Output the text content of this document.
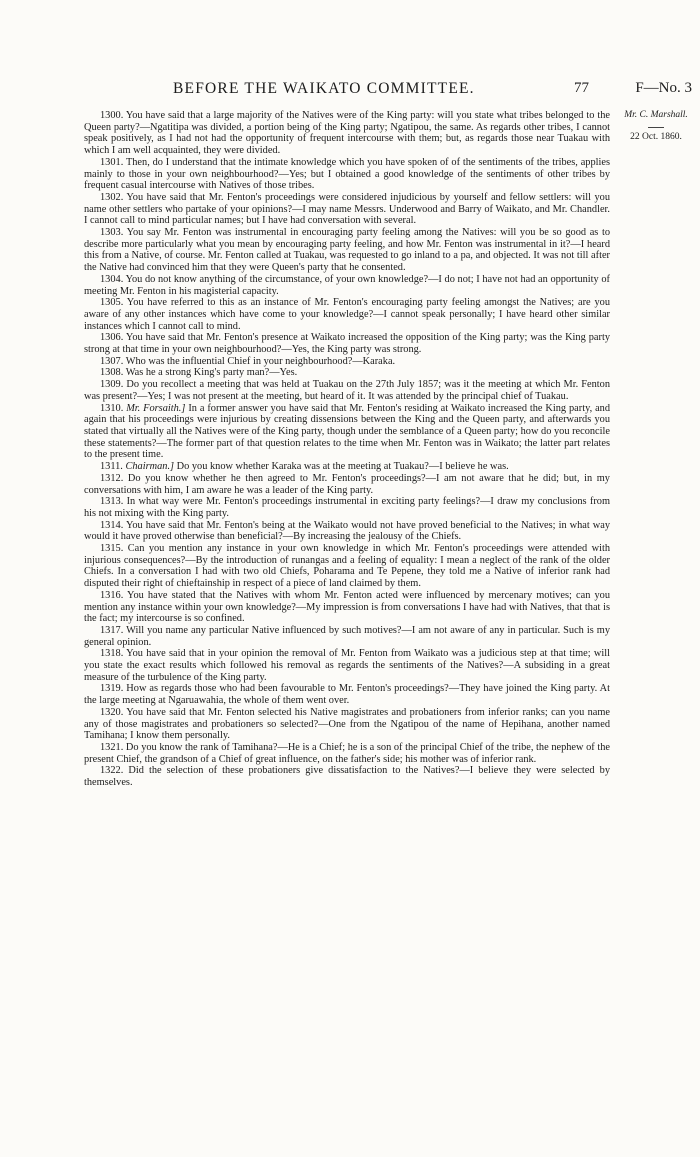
BEFORE THE WAIKATO COMMITTEE.	77	F—No. 3
Mr. C. Marshall.
22 Oct. 1860.

1300. You have said that a large majority of the Natives were of the King party: will you state what tribes belonged to the Queen party?—Ngatitipa was divided, a portion being of the King party; Ngatipou, the same. As regards other tribes, I cannot speak positively, as I had not had the opportunity of frequent intercourse with them; but, as regards those near Tuakau with which I am well acquainted, they were divided.

1301. Then, do I understand that the intimate knowledge which you have spoken of of the sentiments of the tribes, applies mainly to those in your own neighbourhood?—Yes; but I obtained a good knowledge of the sentiments of other tribes by frequent casual intercourse with Natives of those tribes.

1302. You have said that Mr. Fenton's proceedings were considered injudicious by yourself and fellow settlers: will you name other settlers who partake of your opinions?—I may name Messrs. Underwood and Barry of Waikato, and Mr. Chandler. I cannot call to mind particular names; but I have had conversation with several.

1303. You say Mr. Fenton was instrumental in encouraging party feeling among the Natives: will you be so good as to describe more particularly what you mean by encouraging party feeling, and how Mr. Fenton was instrumental in it?—I heard this from a Native, of course. Mr. Fenton called at Tuakau, was requested to go inland to a pa, and objected. It was not till after the Native had convinced him that they were Queen's party that he consented.

1304. You do not know anything of the circumstance, of your own knowledge?—I do not; I have not had an opportunity of meeting Mr. Fenton in his magisterial capacity.

1305. You have referred to this as an instance of Mr. Fenton's encouraging party feeling amongst the Natives; are you aware of any other instances which have come to your knowledge?—I cannot speak personally; I have heard other similar instances which I cannot call to mind.

1306. You have said that Mr. Fenton's presence at Waikato increased the opposition of the King party; was the King party strong at that time in your own neighbourhood?—Yes, the King party was strong.

1307. Who was the influential Chief in your neighbourhood?—Karaka.

1308. Was he a strong King's party man?—Yes.

1309. Do you recollect a meeting that was held at Tuakau on the 27th July 1857; was it the meeting at which Mr. Fenton was present?—Yes; I was not present at the meeting, but heard of it. It was attended by the principal chief of Tuakau.

1310. Mr. Forsaith.] In a former answer you have said that Mr. Fenton's residing at Waikato increased the King party, and again that his proceedings were injurious by creating dissensions between the King and the Queen party, and afterwards you stated that virtually all the Natives were of the King party, though under the semblance of a Queen party; how do you reconcile these statements?—The former part of that question relates to the time when Mr. Fenton was in Waikato; the latter part relates to the present time.

1311. Chairman.] Do you know whether Karaka was at the meeting at Tuakau?—I believe he was.

1312. Do you know whether he then agreed to Mr. Fenton's proceedings?—I am not aware that he did; but, in my conversations with him, I am aware he was a leader of the King party.

1313. In what way were Mr. Fenton's proceedings instrumental in exciting party feelings?—I draw my conclusions from his not mixing with the King party.

1314. You have said that Mr. Fenton's being at the Waikato would not have proved beneficial to the Natives; in what way would it have proved otherwise than beneficial?—By increasing the jealousy of the Chiefs.

1315. Can you mention any instance in your own knowledge in which Mr. Fenton's proceedings were attended with injurious consequences?—By the introduction of runangas and a feeling of equality: I mean a neglect of the rank of the older Chiefs. In a conversation I had with two old Chiefs, Poharama and Te Pepene, they told me a Native of inferior rank had disputed their right of chieftainship in respect of a piece of land claimed by them.

1316. You have stated that the Natives with whom Mr. Fenton acted were influenced by mercenary motives; can you mention any instance within your own knowledge?—My impression is from conversations I have had with Natives, that that is the fact; my intercourse is so confined.

1317. Will you name any particular Native influenced by such motives?—I am not aware of any in particular. Such is my general opinion.

1318. You have said that in your opinion the removal of Mr. Fenton from Waikato was a judicious step at that time; will you state the exact results which followed his removal as regards the sentiments of the Natives?—A subsiding in a great measure of the turbulence of the King party.

1319. How as regards those who had been favourable to Mr. Fenton's proceedings?—They have joined the King party. At the large meeting at Ngaruawahia, the whole of them went over.

1320. You have said that Mr. Fenton selected his Native magistrates and probationers from inferior ranks; can you name any of those magistrates and probationers so selected?—One from the Ngatipou of the name of Hepihana, another named Tamihana; I know them personally.

1321. Do you know the rank of Tamihana?—He is a Chief; he is a son of the principal Chief of the tribe, the nephew of the present Chief, the grandson of a Chief of great influence, on the father's side; his mother was of inferior rank.

1322. Did the selection of these probationers give dissatisfaction to the Natives?—I believe they were selected by themselves.
